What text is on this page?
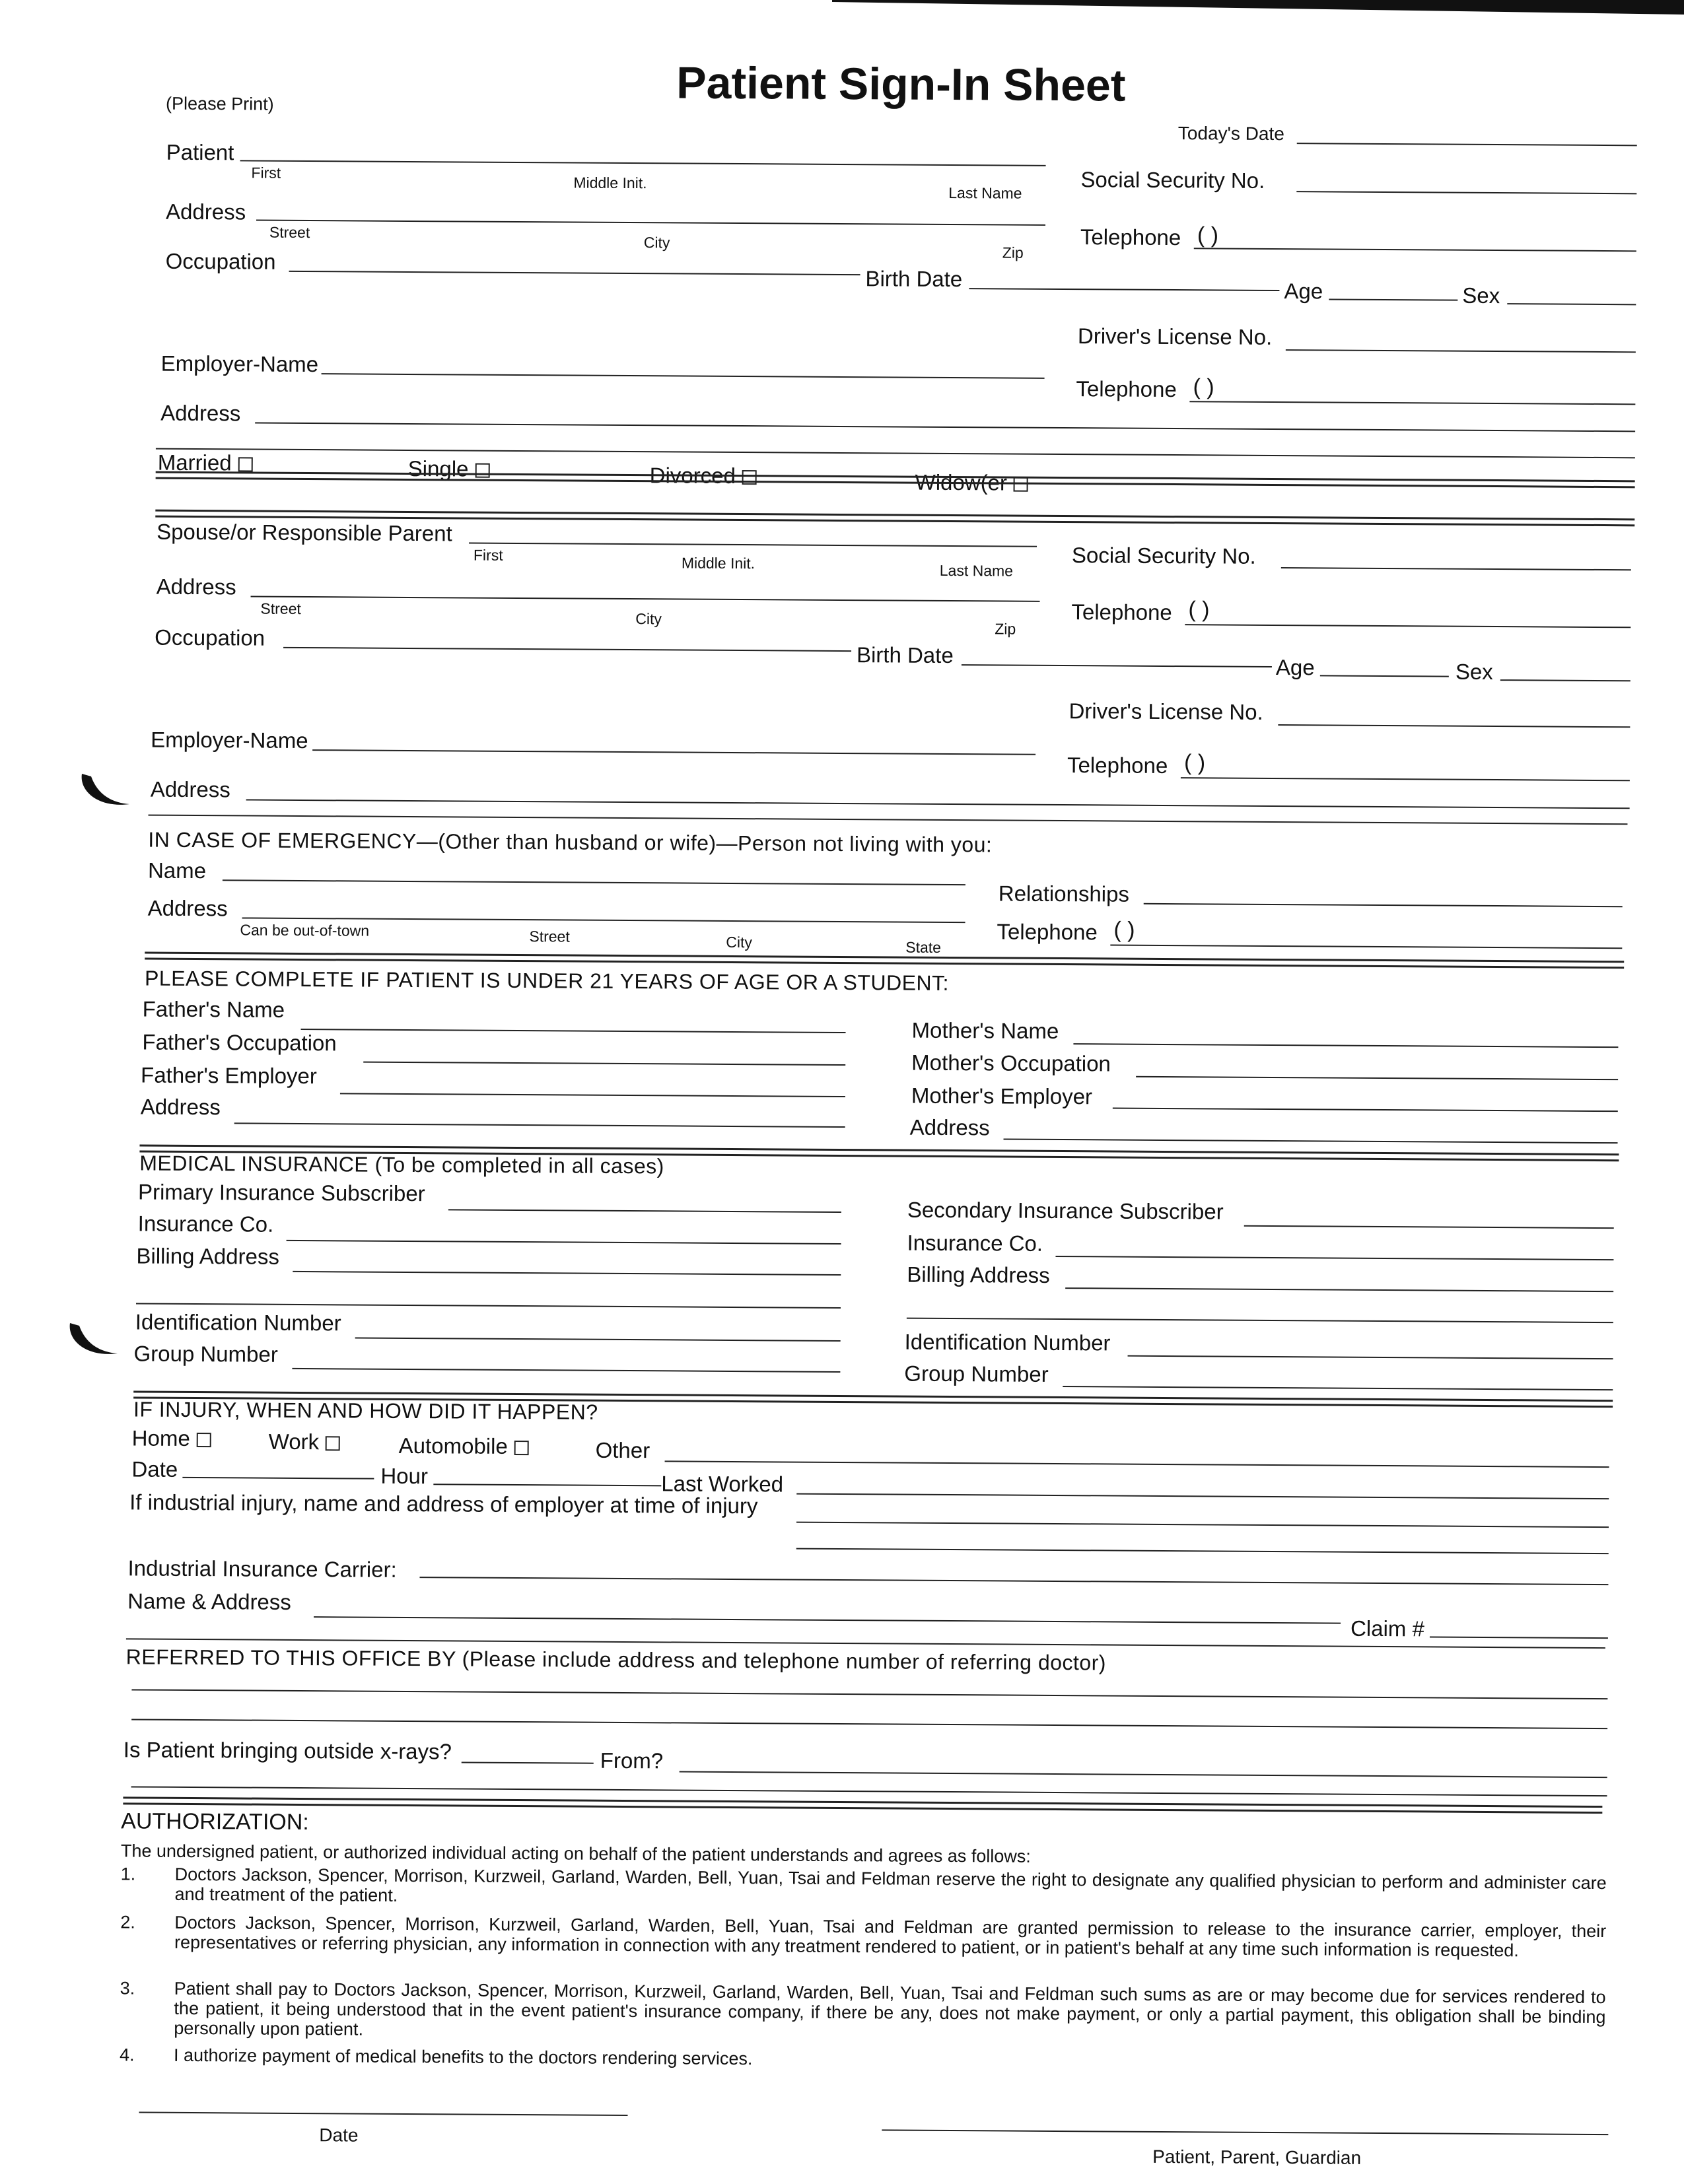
Patient Sign-In Sheet
(Please Print)
Today's Date
Patient
First
Middle Init.
Last Name
Social Security No.
Address
Street
City
Zip
Telephone ( )
Occupation
Birth Date	Age	Sex
Driver's License No.
Employer-Name
Telephone ( )
Address
Married	Single	Divorced	Widow(er
Spouse/or Responsible Parent
First	Middle Init.	Last Name
Social Security No.
Address
Street
City
Zip
Telephone ( )
Occupation
Birth Date	Age	Sex
Driver's License No.
Employer-Name
Telephone ( )
Address
IN CASE OF EMERGENCY—(Other than husband or wife)—Person not living with you:
Name
Relationships
Address
Can be out-of-town	Street	City	State
Telephone ( )
PLEASE COMPLETE IF PATIENT IS UNDER 21 YEARS OF AGE OR A STUDENT:
Father's Name
Father's Occupation
Father's Employer
Address
Mother's Name
Mother's Occupation
Mother's Employer
Address
MEDICAL INSURANCE (To be completed in all cases)
Primary Insurance Subscriber
Insurance Co.
Billing Address
Identification Number
Group Number
Secondary Insurance Subscriber
Insurance Co.
Billing Address
Identification Number
Group Number
IF INJURY, WHEN AND HOW DID IT HAPPEN?
Home	Work	Automobile	Other
Date	Hour	Last Worked
If industrial injury, name and address of employer at time of injury
Industrial Insurance Carrier:
Name & Address
Claim #
REFERRED TO THIS OFFICE BY (Please include address and telephone number of referring doctor)
Is Patient bringing outside x-rays?	From?
AUTHORIZATION:
The undersigned patient, or authorized individual acting on behalf of the patient understands and agrees as follows:
1.	Doctors Jackson, Spencer, Morrison, Kurzweil, Garland, Warden, Bell, Yuan, Tsai and Feldman reserve the right to designate any qualified physician to perform and administer care and treatment of the patient.
2.	Doctors Jackson, Spencer, Morrison, Kurzweil, Garland, Warden, Bell, Yuan, Tsai and Feldman are granted permission to release to the insurance carrier, employer, their representatives or referring physician, any information in connection with any treatment rendered to patient, or in patient's behalf at any time such information is requested.
3.	Patient shall pay to Doctors Jackson, Spencer, Morrison, Kurzweil, Garland, Warden, Bell, Yuan, Tsai and Feldman such sums as are or may become due for services rendered to the patient, it being understood that in the event patient's insurance company, if there be any, does not make payment, or only a partial payment, this obligation shall be binding personally upon patient.
4.	I authorize payment of medical benefits to the doctors rendering services.
Date
Patient, Parent, Guardian
